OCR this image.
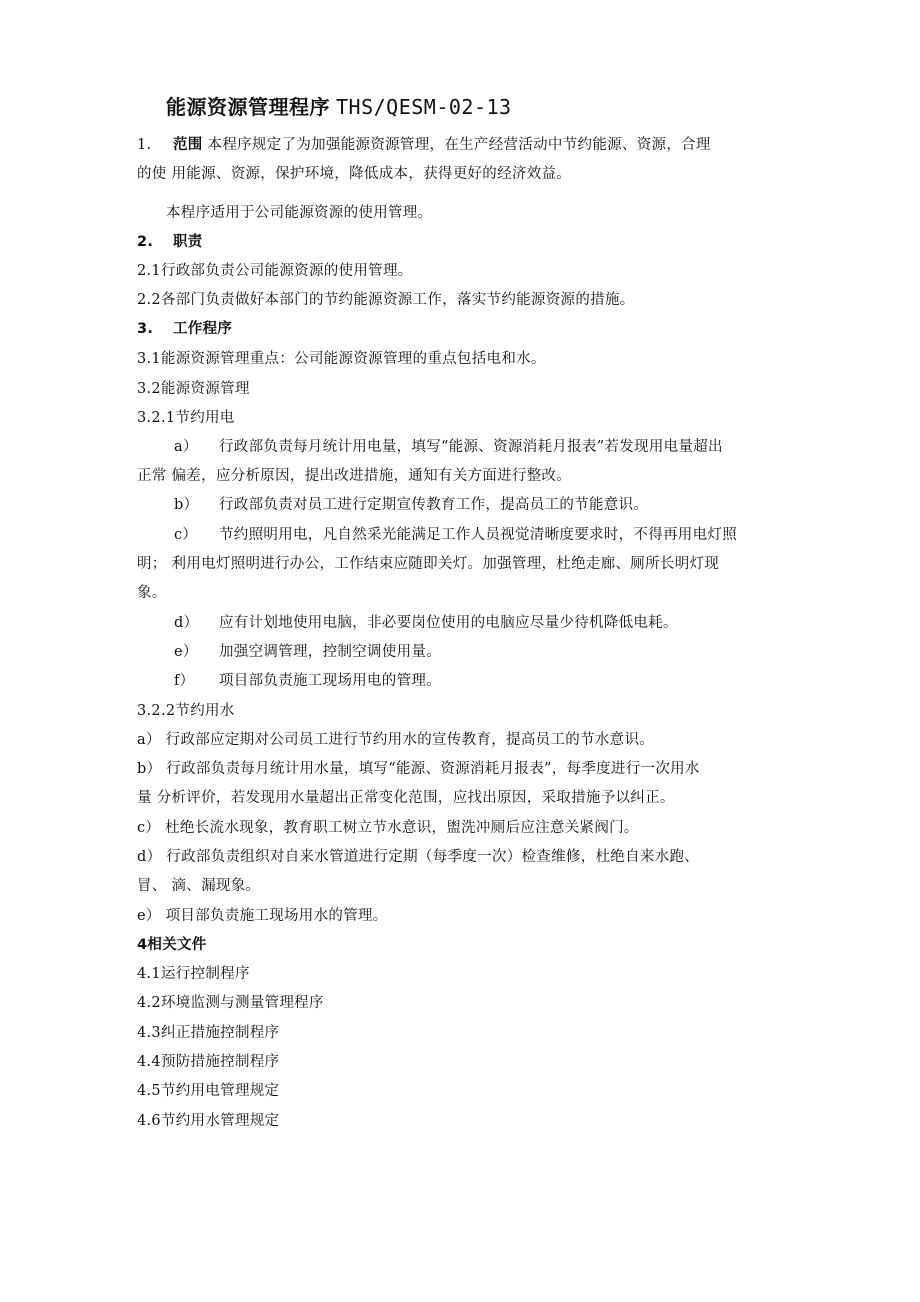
能源资源管理程序 THS/QESM-02-13
1. 范围 本程序规定了为加强能源资源管理，在生产经营活动中节约能源、资源，合理
的使 用能源、资源，保护环境，降低成本，获得更好的经济效益。
本程序适用于公司能源资源的使用管理。
2. 职责
2.1行政部负责公司能源资源的使用管理。
2.2各部门负责做好本部门的节约能源资源工作，落实节约能源资源的措施。
3. 工作程序
3.1能源资源管理重点：公司能源资源管理的重点包括电和水。
3.2能源资源管理
3.2.1节约用电
a） 行政部负责每月统计用电量，填写“能源、资源消耗月报表”若发现用电量超出
正常 偏差，应分析原因，提出改进措施，通知有关方面进行整改。
b） 行政部负责对员工进行定期宣传教育工作，提高员工的节能意识。
c） 节约照明用电，凡自然采光能满足工作人员视觉清晰度要求时，不得再用电灯照
明； 利用电灯照明进行办公，工作结束应随即关灯。加强管理，杜绝走廊、厕所长明灯现
象。
d） 应有计划地使用电脑，非必要岗位使用的电脑应尽量少待机降低电耗。
e） 加强空调管理，控制空调使用量。
f） 项目部负责施工现场用电的管理。
3.2.2节约用水
a） 行政部应定期对公司员工进行节约用水的宣传教育，提高员工的节水意识。
b） 行政部负责每月统计用水量，填写“能源、资源消耗月报表”，每季度进行一次用水
量 分析评价，若发现用水量超出正常变化范围，应找出原因，采取措施予以纠正。
c） 杜绝长流水现象，教育职工树立节水意识，盥洗冲厕后应注意关紧阀门。
d） 行政部负责组织对自来水管道进行定期（每季度一次）检查维修，杜绝自来水跑、
冒、 滴、漏现象。
e） 项目部负责施工现场用水的管理。
4相关文件
4.1运行控制程序
4.2环境监测与测量管理程序
4.3纠正措施控制程序
4.4预防措施控制程序
4.5节约用电管理规定
4.6节约用水管理规定
